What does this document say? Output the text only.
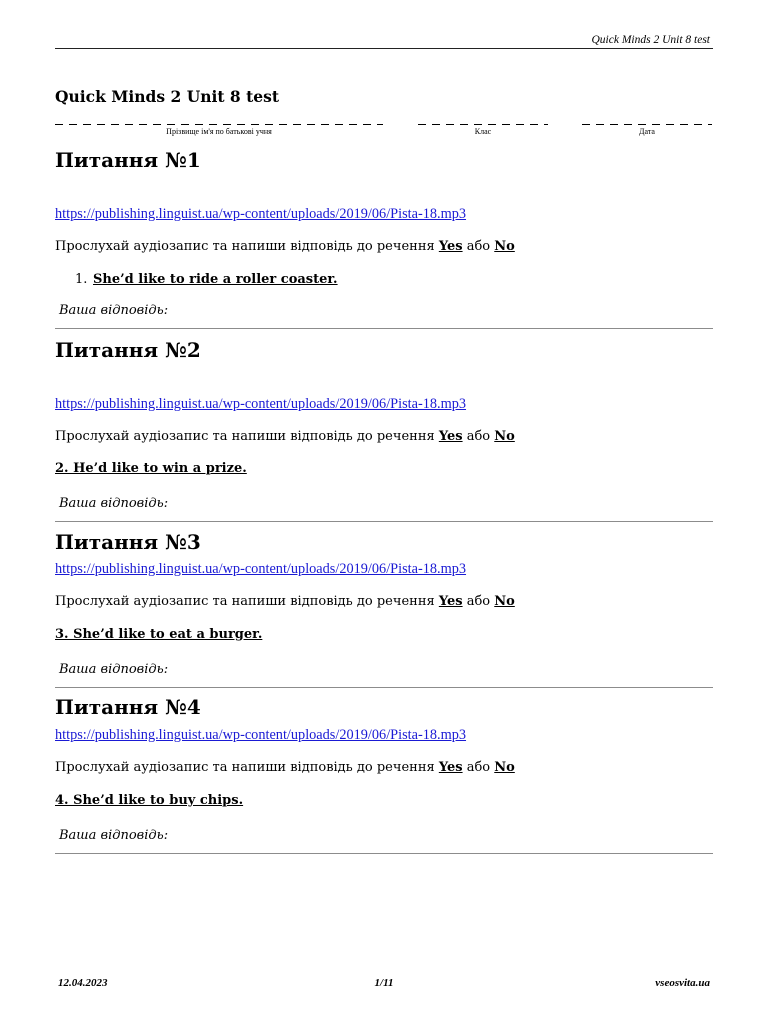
Quick Minds 2 Unit 8 test
Quick Minds 2 Unit 8 test
Прізвище ім'я по батькові учня	Клас	Дата
Питання №1
https://publishing.linguist.ua/wp-content/uploads/2019/06/Pista-18.mp3
Прослухай аудіозапис та напиши відповідь до речення Yes або No
1. She’d like to ride a roller coaster.
Ваша відповідь:
Питання №2
https://publishing.linguist.ua/wp-content/uploads/2019/06/Pista-18.mp3
Прослухай аудіозапис та напиши відповідь до речення Yes або No
2. He’d like to win a prize.
Ваша відповідь:
Питання №3
https://publishing.linguist.ua/wp-content/uploads/2019/06/Pista-18.mp3
Прослухай аудіозапис та напиши відповідь до речення Yes або No
3. She’d like to eat a burger.
Ваша відповідь:
Питання №4
https://publishing.linguist.ua/wp-content/uploads/2019/06/Pista-18.mp3
Прослухай аудіозапис та напиши відповідь до речення Yes або No
4. She’d like to buy chips.
Ваша відповідь:
12.04.2023	1/11	vseosvita.ua
